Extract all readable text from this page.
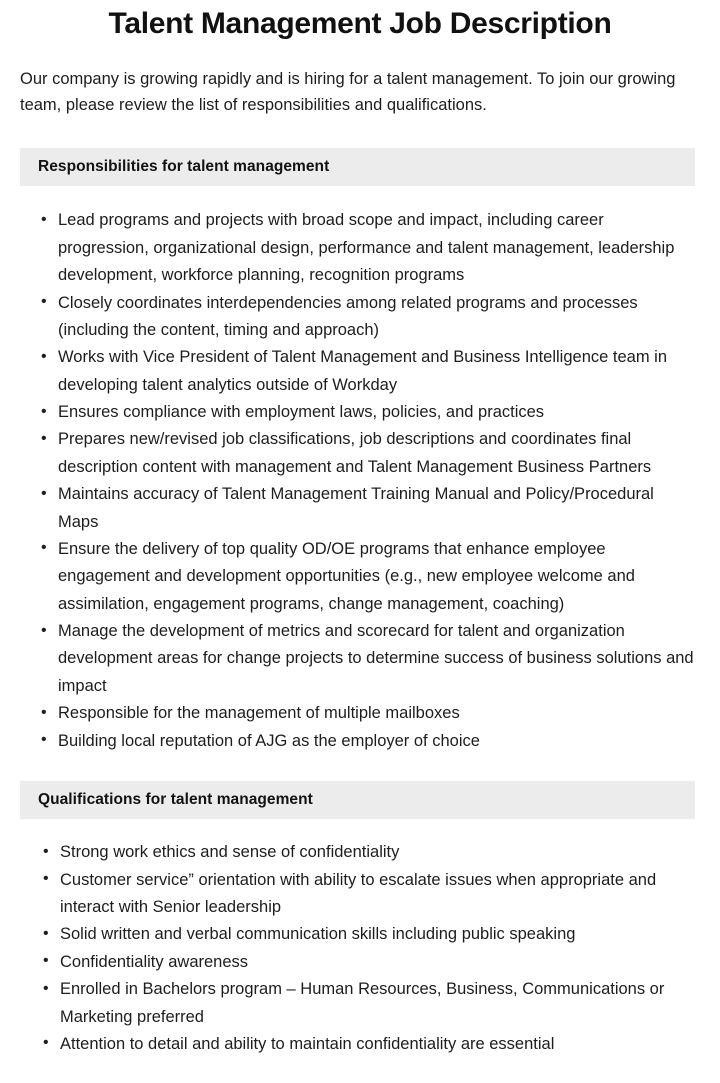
Talent Management Job Description

Our company is growing rapidly and is hiring for a talent management. To join our growing team, please review the list of responsibilities and qualifications.

Responsibilities for talent management
• Lead programs and projects with broad scope and impact, including career progression, organizational design, performance and talent management, leadership development, workforce planning, recognition programs
• Closely coordinates interdependencies among related programs and processes (including the content, timing and approach)
• Works with Vice President of Talent Management and Business Intelligence team in developing talent analytics outside of Workday
• Ensures compliance with employment laws, policies, and practices
• Prepares new/revised job classifications, job descriptions and coordinates final description content with management and Talent Management Business Partners
• Maintains accuracy of Talent Management Training Manual and Policy/Procedural Maps
• Ensure the delivery of top quality OD/OE programs that enhance employee engagement and development opportunities (e.g., new employee welcome and assimilation, engagement programs, change management, coaching)
• Manage the development of metrics and scorecard for talent and organization development areas for change projects to determine success of business solutions and impact
• Responsible for the management of multiple mailboxes
• Building local reputation of AJG as the employer of choice
Qualifications for talent management
• Strong work ethics and sense of confidentiality
• Customer service” orientation with ability to escalate issues when appropriate and interact with Senior leadership
• Solid written and verbal communication skills including public speaking
• Confidentiality awareness
• Enrolled in Bachelors program – Human Resources, Business, Communications or Marketing preferred
• Attention to detail and ability to maintain confidentiality are essential
